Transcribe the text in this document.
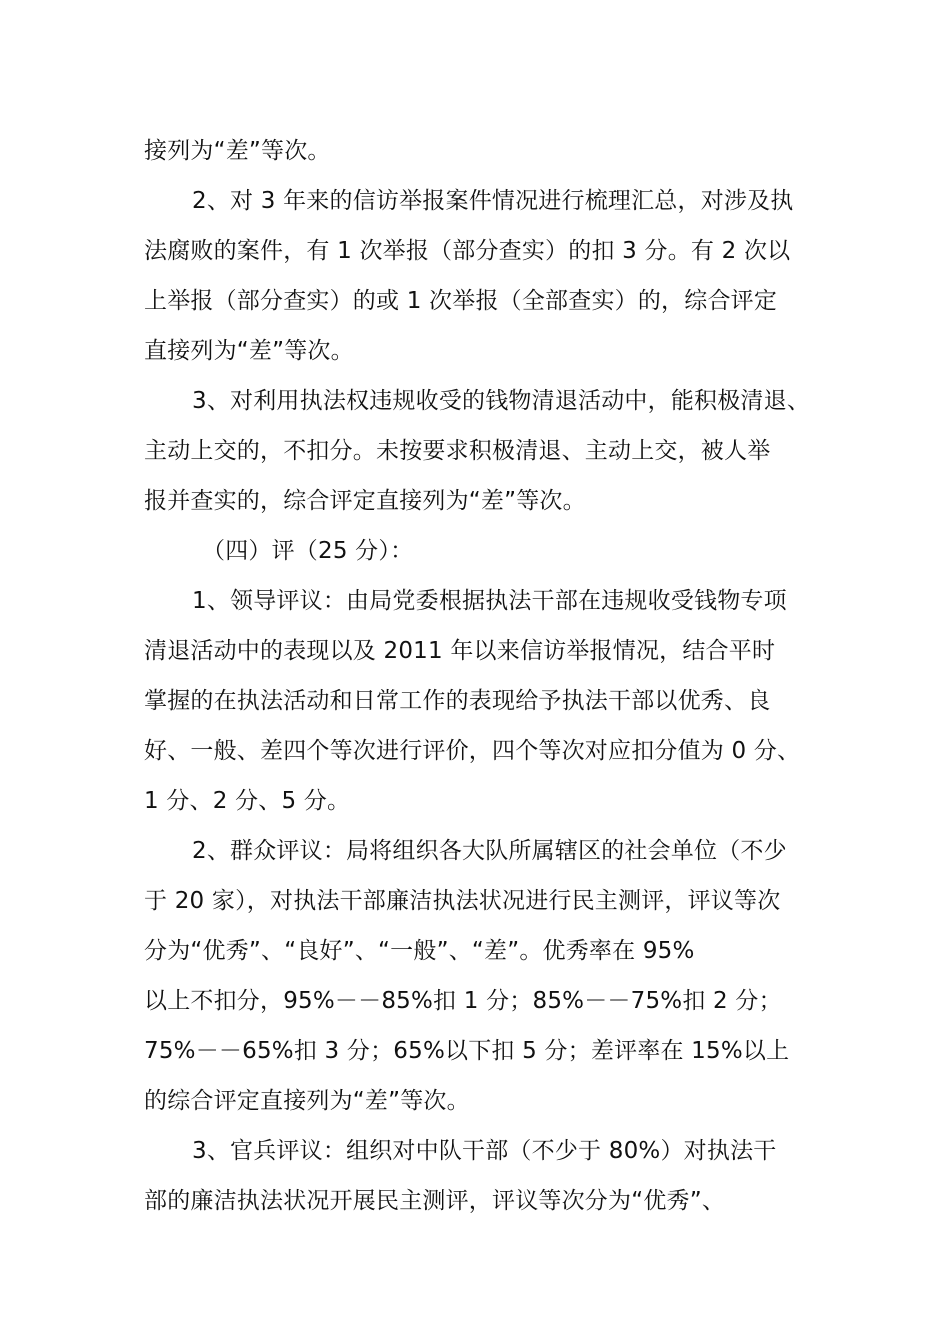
接列为“差”等次。
2、对 3 年来的信访举报案件情况进行梳理汇总，对涉及执
法腐败的案件，有 1 次举报（部分查实）的扣 3 分。有 2 次以
上举报（部分查实）的或 1 次举报（全部查实）的，综合评定
直接列为“差”等次。
3、对利用执法权违规收受的钱物清退活动中，能积极清退、
主动上交的，不扣分。未按要求积极清退、主动上交，被人举
报并查实的，综合评定直接列为“差”等次。
（四）评（25 分）：
1、领导评议：由局党委根据执法干部在违规收受钱物专项
清退活动中的表现以及 2011 年以来信访举报情况，结合平时
掌握的在执法活动和日常工作的表现给予执法干部以优秀、良
好、一般、差四个等次进行评价，四个等次对应扣分值为 0 分、
1 分、2 分、5 分。
2、群众评议：局将组织各大队所属辖区的社会单位（不少
于 20 家），对执法干部廉洁执法状况进行民主测评，评议等次
分为“优秀”、“良好”、“一般”、“差”。优秀率在 95%
以上不扣分，95%－－85%扣 1 分；85%－－75%扣 2 分；
75%－－65%扣 3 分；65%以下扣 5 分；差评率在 15%以上
的综合评定直接列为“差”等次。
3、官兵评议：组织对中队干部（不少于 80%）对执法干
部的廉洁执法状况开展民主测评，评议等次分为“优秀”、
